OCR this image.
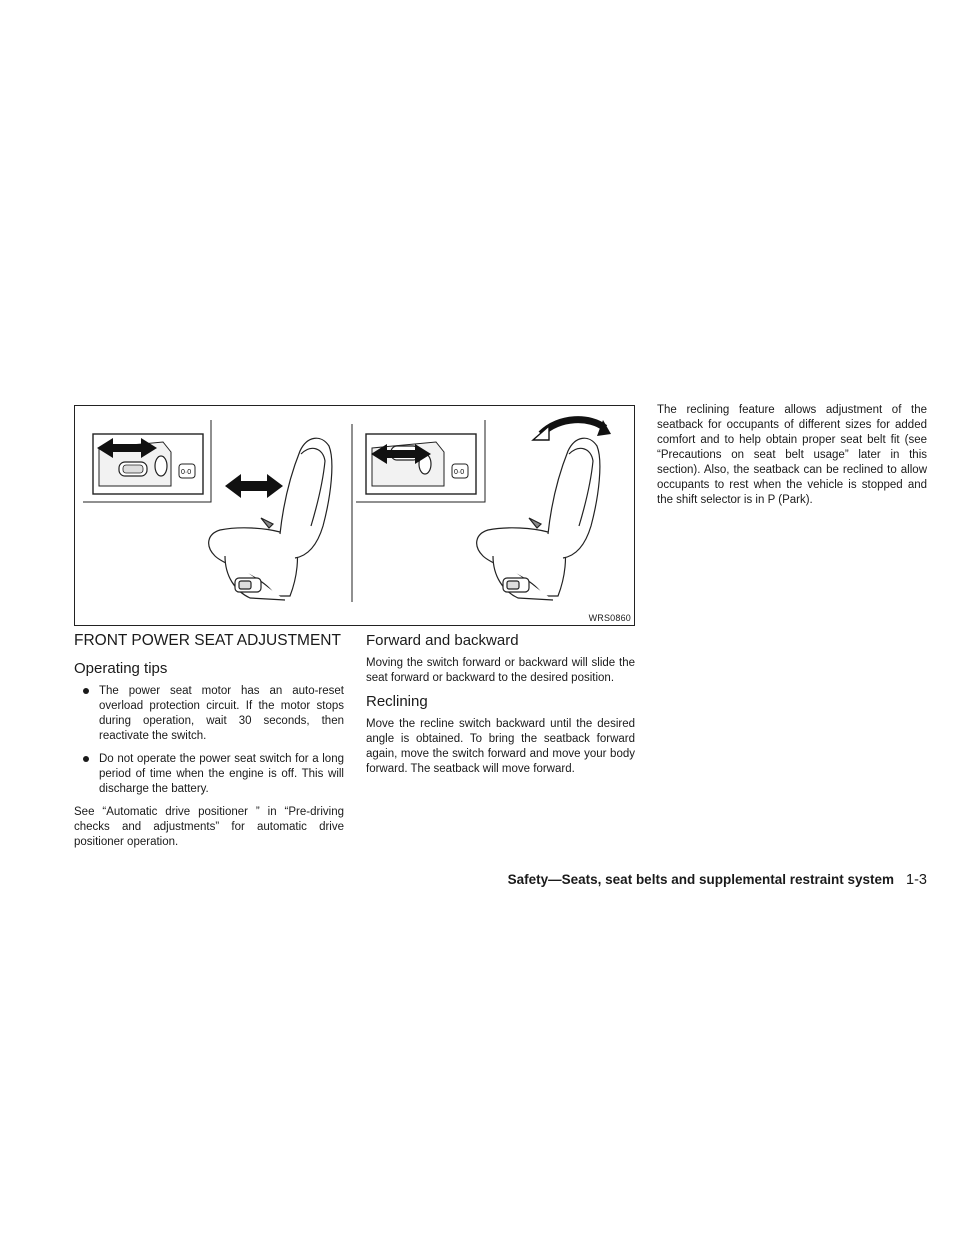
0·0	0·0
WRS0860
FRONT POWER SEAT ADJUSTMENT
Operating tips
The power seat motor has an auto-reset overload protection circuit. If the motor stops during operation, wait 30 seconds, then reactivate the switch.
Do not operate the power seat switch for a long period of time when the engine is off. This will discharge the battery.

See “Automatic drive positioner ” in “Pre-driving checks and adjustments” for automatic drive positioner operation.

Forward and backward

Moving the switch forward or backward will slide the seat forward or backward to the desired position.

Reclining

Move the recline switch backward until the desired angle is obtained. To bring the seatback forward again, move the switch forward and move your body forward. The seatback will move forward.

The reclining feature allows adjustment of the seatback for occupants of different sizes for added comfort and to help obtain proper seat belt fit (see “Precautions on seat belt usage” later in this section). Also, the seatback can be reclined to allow occupants to rest when the vehicle is stopped and the shift selector is in P (Park).

Safety—Seats, seat belts and supplemental restraint system 1-3
